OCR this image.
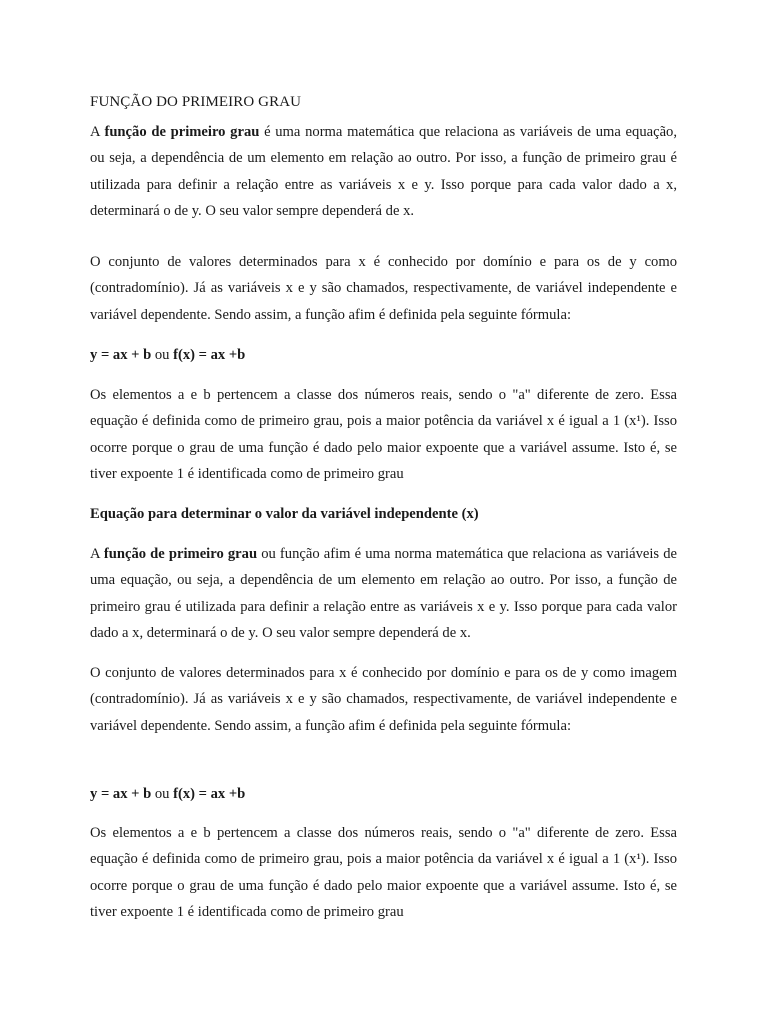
FUNÇÃO DO PRIMEIRO GRAU

A função de primeiro grau é uma norma matemática que relaciona as variáveis de uma equação, ou seja, a dependência de um elemento em relação ao outro. Por isso, a função de primeiro grau é utilizada para definir a relação entre as variáveis x e y. Isso porque para cada valor dado a x, determinará o de y. O seu valor sempre dependerá de x.

O conjunto de valores determinados para x é conhecido por domínio e para os de y como (contradomínio). Já as variáveis x e y são chamados, respectivamente, de variável independente e variável dependente. Sendo assim, a função afim é definida pela seguinte fórmula:

y = ax + b ou f(x) = ax +b

Os elementos a e b pertencem a classe dos números reais, sendo o "a" diferente de zero. Essa equação é definida como de primeiro grau, pois a maior potência da variável x é igual a 1 (x¹). Isso ocorre porque o grau de uma função é dado pelo maior expoente que a variável assume. Isto é, se tiver expoente 1 é identificada como de primeiro grau

Equação para determinar o valor da variável independente (x)

A função de primeiro grau ou função afim é uma norma matemática que relaciona as variáveis de uma equação, ou seja, a dependência de um elemento em relação ao outro. Por isso, a função de primeiro grau é utilizada para definir a relação entre as variáveis x e y. Isso porque para cada valor dado a x, determinará o de y. O seu valor sempre dependerá de x.

O conjunto de valores determinados para x é conhecido por domínio e para os de y como imagem (contradomínio). Já as variáveis x e y são chamados, respectivamente, de variável independente e variável dependente. Sendo assim, a função afim é definida pela seguinte fórmula:

y = ax + b ou f(x) = ax +b

Os elementos a e b pertencem a classe dos números reais, sendo o "a" diferente de zero. Essa equação é definida como de primeiro grau, pois a maior potência da variável x é igual a 1 (x¹). Isso ocorre porque o grau de uma função é dado pelo maior expoente que a variável assume. Isto é, se tiver expoente 1 é identificada como de primeiro grau
